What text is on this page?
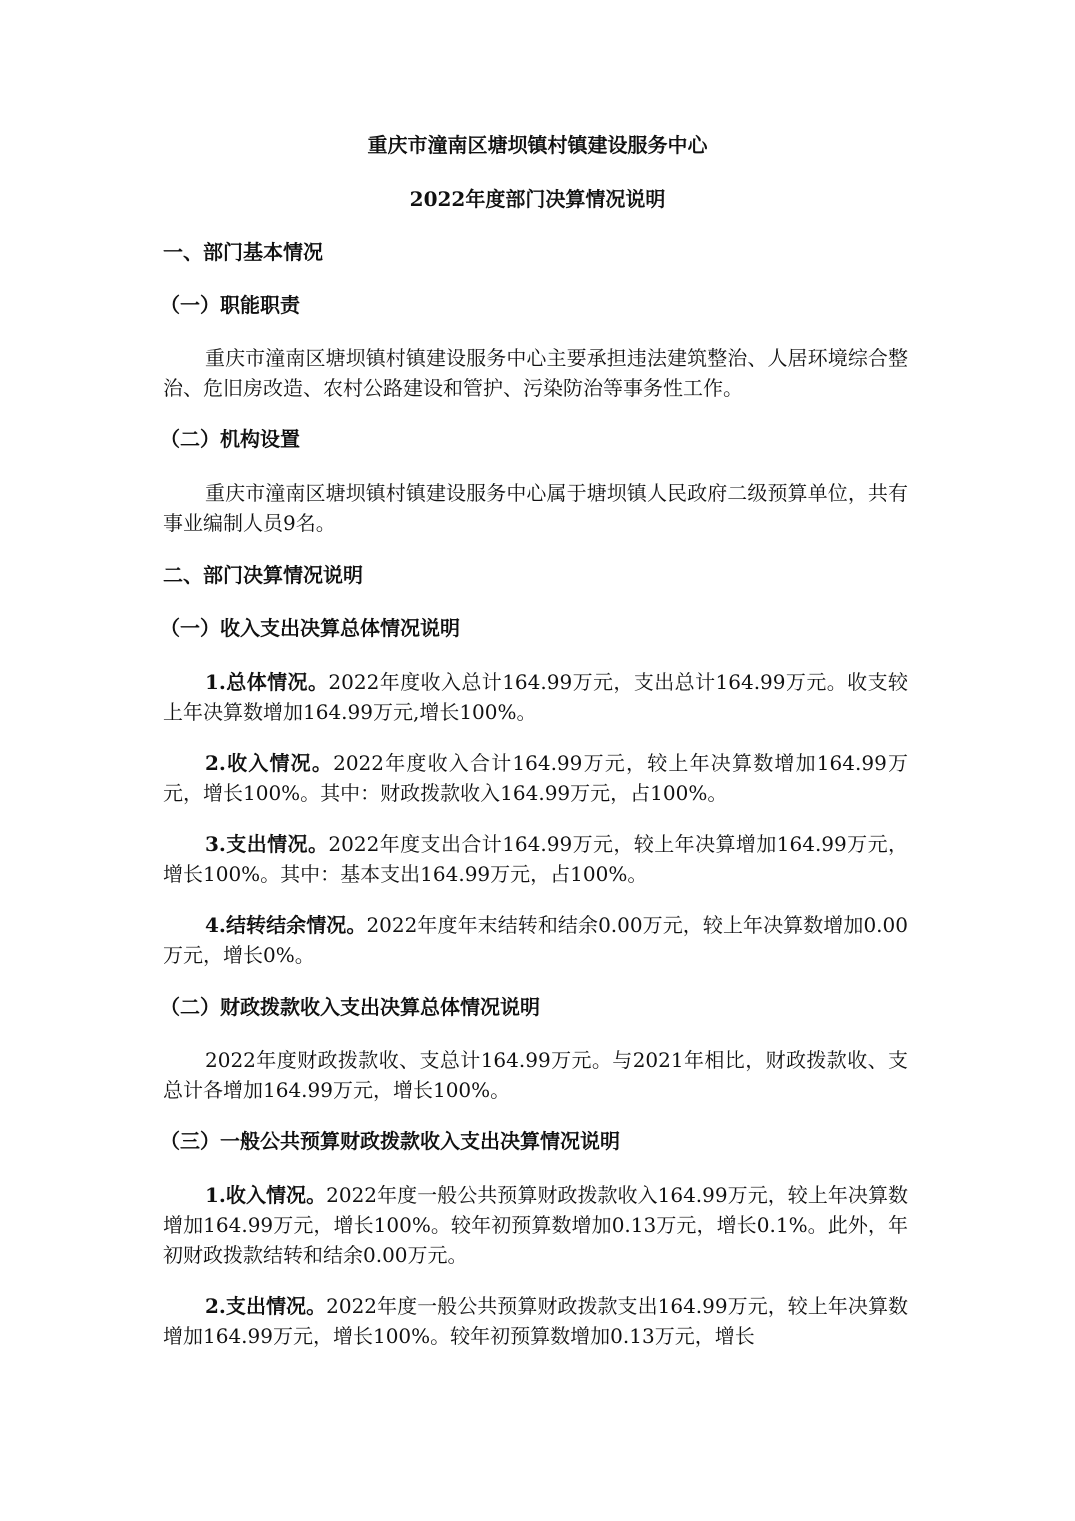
重庆市潼南区塘坝镇村镇建设服务中心
2022年度部门决算情况说明
一、部门基本情况
（一）职能职责
重庆市潼南区塘坝镇村镇建设服务中心主要承担违法建筑整治、人居环境综合整治、危旧房改造、农村公路建设和管护、污染防治等事务性工作。
（二）机构设置
重庆市潼南区塘坝镇村镇建设服务中心属于塘坝镇人民政府二级预算单位，共有事业编制人员9名。
二、部门决算情况说明
（一）收入支出决算总体情况说明
1.总体情况。2022年度收入总计164.99万元，支出总计164.99万元。收支较上年决算数增加164.99万元,增长100%。
2.收入情况。2022年度收入合计164.99万元，较上年决算数增加164.99万元，增长100%。其中：财政拨款收入164.99万元，占100%。
3.支出情况。2022年度支出合计164.99万元，较上年决算增加164.99万元，增长100%。其中：基本支出164.99万元，占100%。
4.结转结余情况。2022年度年末结转和结余0.00万元，较上年决算数增加0.00万元，增长0%。
（二）财政拨款收入支出决算总体情况说明
2022年度财政拨款收、支总计164.99万元。与2021年相比，财政拨款收、支总计各增加164.99万元，增长100%。
（三）一般公共预算财政拨款收入支出决算情况说明
1.收入情况。2022年度一般公共预算财政拨款收入164.99万元，较上年决算数增加164.99万元，增长100%。较年初预算数增加0.13万元，增长0.1%。此外，年初财政拨款结转和结余0.00万元。
2.支出情况。2022年度一般公共预算财政拨款支出164.99万元，较上年决算数增加164.99万元，增长100%。较年初预算数增加0.13万元，增长
